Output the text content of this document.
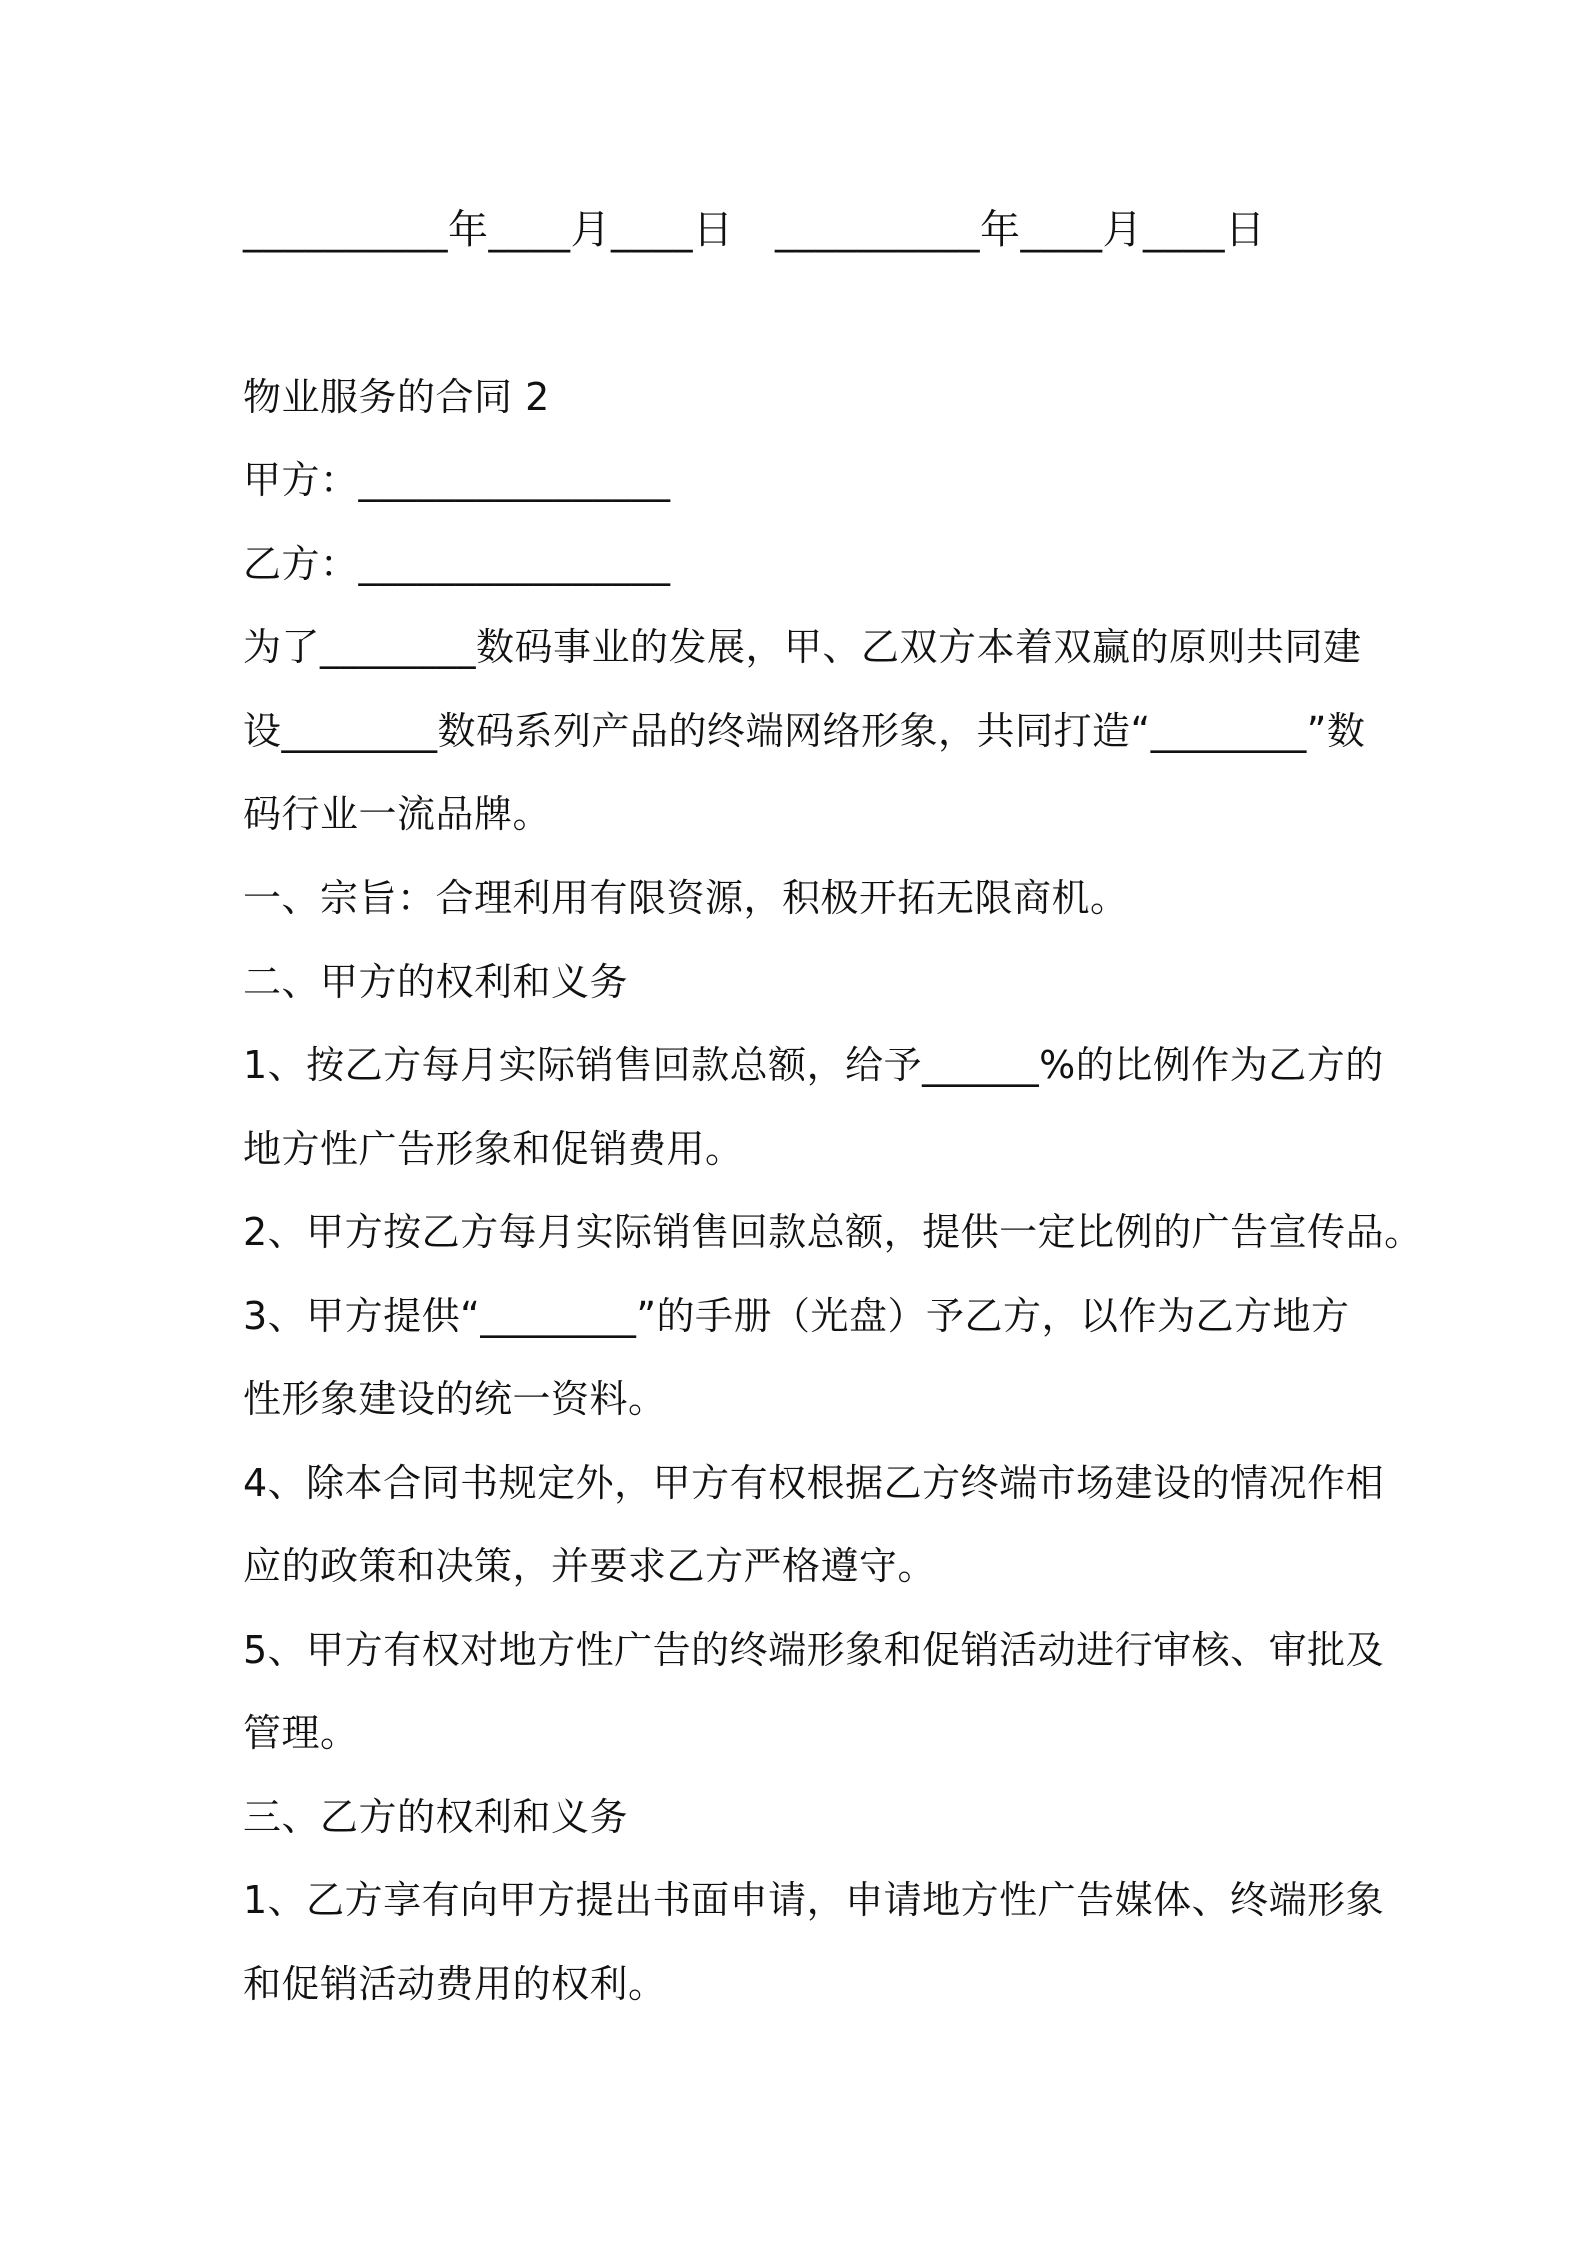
__________年____月____日 __________年____月____日
物业服务的合同 2
甲方：________________
乙方：________________
为了________数码事业的发展，甲、乙双方本着双赢的原则共同建
设________数码系列产品的终端网络形象，共同打造“________”数
码行业一流品牌。
一、宗旨：合理利用有限资源，积极开拓无限商机。
二、甲方的权利和义务
1、按乙方每月实际销售回款总额，给予______%的比例作为乙方的
地方性广告形象和促销费用。
2、甲方按乙方每月实际销售回款总额，提供一定比例的广告宣传品。
3、甲方提供“________”的手册（光盘）予乙方，以作为乙方地方
性形象建设的统一资料。
4、除本合同书规定外，甲方有权根据乙方终端市场建设的情况作相
应的政策和决策，并要求乙方严格遵守。
5、甲方有权对地方性广告的终端形象和促销活动进行审核、审批及
管理。
三、乙方的权利和义务
1、乙方享有向甲方提出书面申请，申请地方性广告媒体、终端形象
和促销活动费用的权利。
